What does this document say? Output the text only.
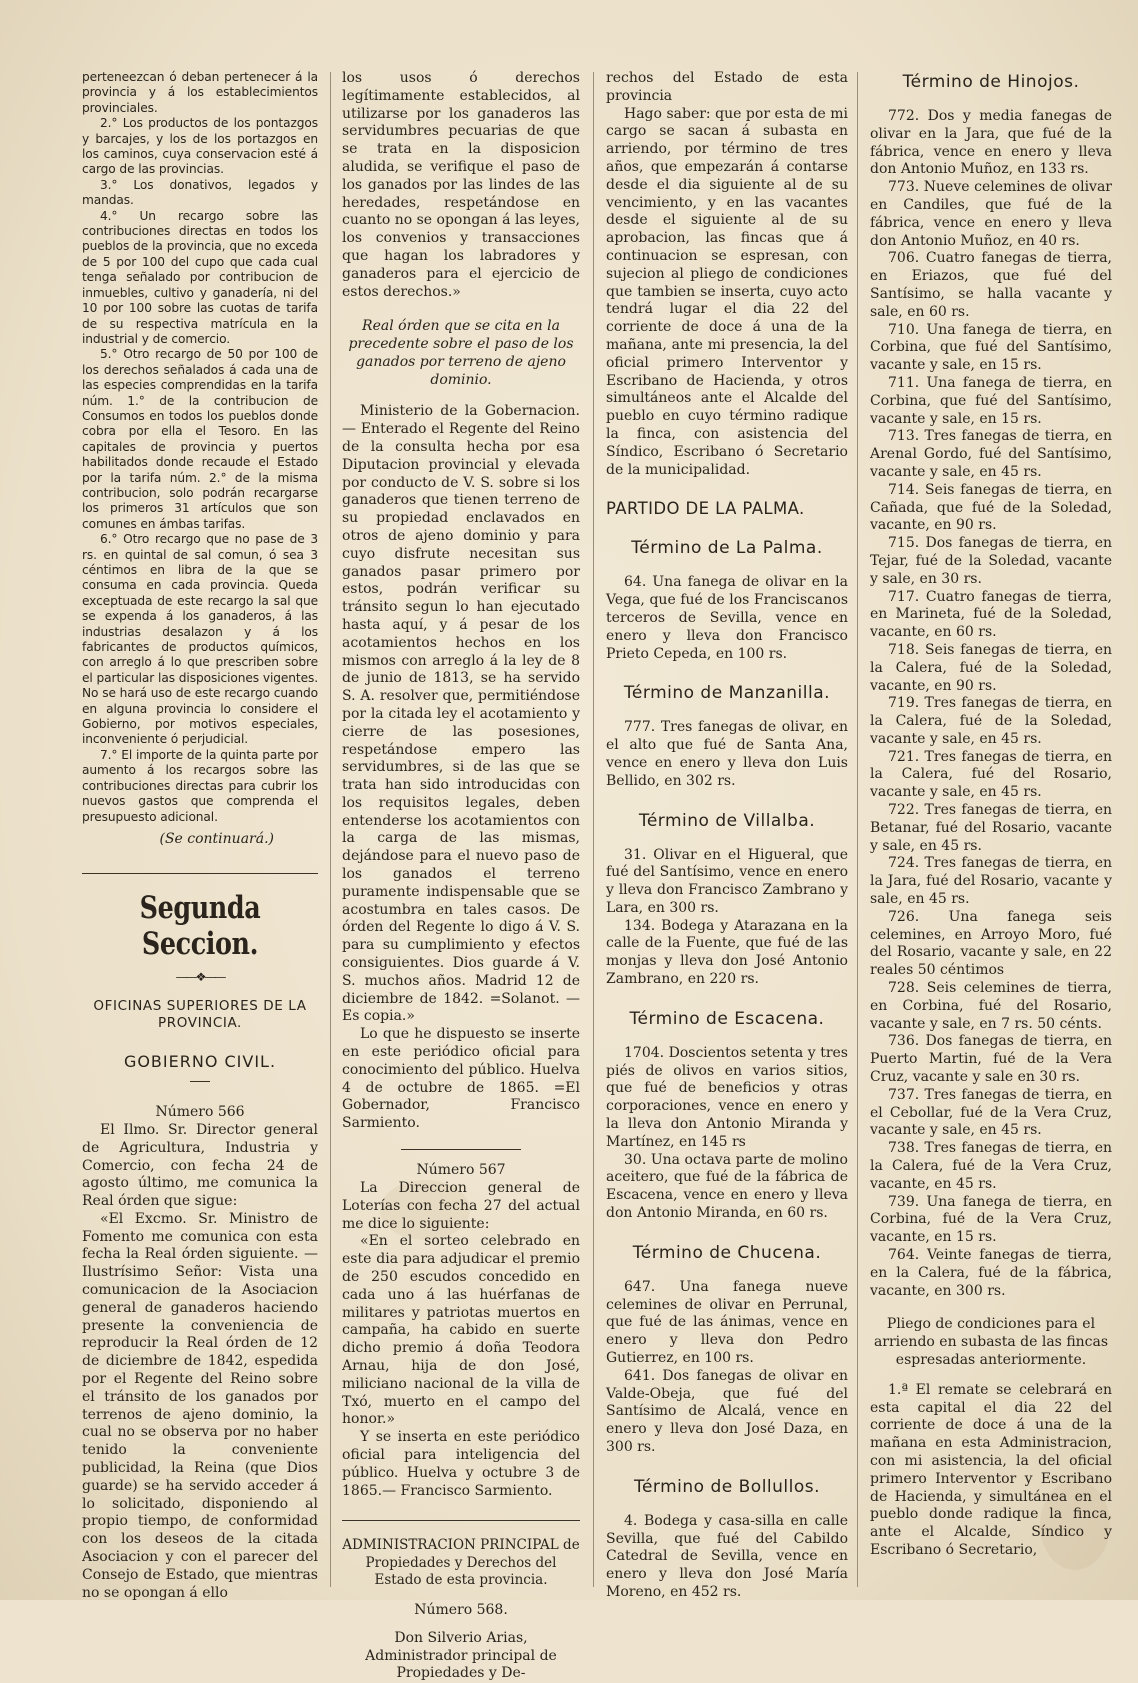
perteneezcan ó deban pertenecer á la provincia y á los establecimientos provinciales.

2.° Los productos de los pontazgos y barcajes, y los de los portazgos en los caminos, cuya conservacion esté á cargo de las provincias.

3.° Los donativos, legados y mandas.

4.° Un recargo sobre las contribuciones directas en todos los pueblos de la provincia, que no exceda de 5 por 100 del cupo que cada cual tenga señalado por contribucion de inmuebles, cultivo y ganadería, ni del 10 por 100 sobre las cuotas de tarifa de su respectiva matrícula en la industrial y de comercio.

5.° Otro recargo de 50 por 100 de los derechos señalados á cada una de las especies comprendidas en la tarifa núm. 1.° de la contribucion de Consumos en todos los pueblos donde cobra por ella el Tesoro. En las capitales de provincia y puertos habilitados donde recaude el Estado por la tarifa núm. 2.° de la misma contribucion, solo podrán recargarse los primeros 31 artículos que son comunes en ámbas tarifas.

6.° Otro recargo que no pase de 3 rs. en quintal de sal comun, ó sea 3 céntimos en libra de la que se consuma en cada provincia. Queda exceptuada de este recargo la sal que se expenda á los ganaderos, á las industrias desalazon y á los fabricantes de productos químicos, con arreglo á lo que prescriben sobre el particular las disposiciones vigentes. No se hará uso de este recargo cuando en alguna provincia lo considere el Gobierno, por motivos especiales, inconveniente ó perjudicial.

7.° El importe de la quinta parte por aumento á los recargos sobre las contribuciones directas para cubrir los nuevos gastos que comprenda el presupuesto adicional.

(Se continuará.)
Segunda Seccion.
——❖——
OFICINAS SUPERIORES DE LA PROVINCIA.
GOBIERNO CIVIL.
Número 566

El Ilmo. Sr. Director general de Agricultura, Industria y Comercio, con fecha 24 de agosto último, me comunica la Real órden que sigue:

«El Excmo. Sr. Ministro de Fomento me comunica con esta fecha la Real órden siguiente. —Ilustrísimo Señor: Vista una comunicacion de la Asociacion general de ganaderos haciendo presente la conveniencia de reproducir la Real órden de 12 de diciembre de 1842, espedida por el Regente del Reino sobre el tránsito de los ganados por terrenos de ajeno dominio, la cual no se observa por no haber tenido la conveniente publicidad, la Reina (que Dios guarde) se ha servido acceder á lo solicitado, disponiendo al propio tiempo, de conformidad con los deseos de la citada Asociacion y con el parecer del Consejo de Estado, que mientras no se opongan á ello

los usos ó derechos legítimamente establecidos, al utilizarse por los ganaderos las servidumbres pecuarias de que se trata en la disposicion aludida, se verifique el paso de los ganados por las lindes de las heredades, respetándose en cuanto no se opongan á las leyes, los convenios y transacciones que hagan los labradores y ganaderos para el ejercicio de estos derechos.»

Real órden que se cita en la precedente sobre el paso de los ganados por terreno de ajeno dominio.

Ministerio de la Gobernacion.— Enterado el Regente del Reino de la consulta hecha por esa Diputacion provincial y elevada por conducto de V. S. sobre si los ganaderos que tienen terreno de su propiedad enclavados en otros de ajeno dominio y para cuyo disfrute necesitan sus ganados pasar primero por estos, podrán verificar su tránsito segun lo han ejecutado hasta aquí, y á pesar de los acotamientos hechos en los mismos con arreglo á la ley de 8 de junio de 1813, se ha servido S. A. resolver que, permitiéndose por la citada ley el acotamiento y cierre de las posesiones, respetándose empero las servidumbres, si de las que se trata han sido introducidas con los requisitos legales, deben entenderse los acotamientos con la carga de las mismas, dejándose para el nuevo paso de los ganados el terreno puramente indispensable que se acostumbra en tales casos. De órden del Regente lo digo á V. S. para su cumplimiento y efectos consiguientes. Dios guarde á V. S. muchos años. Madrid 12 de diciembre de 1842. =Solanot. —Es copia.»

Lo que he dispuesto se inserte en este periódico oficial para conocimiento del público. Huelva 4 de octubre de 1865. =El Gobernador, Francisco Sarmiento.

Número 567

La Direccion general de Loterías con fecha 27 del actual me dice lo siguiente:

«En el sorteo celebrado en este dia para adjudicar el premio de 250 escudos concedido en cada uno á las huérfanas de militares y patriotas muertos en campaña, ha cabido en suerte dicho premio á doña Teodora Arnau, hija de don José, miliciano nacional de la villa de Txó, muerto en el campo del honor.»

Y se inserta en este periódico oficial para inteligencia del público. Huelva y octubre 3 de 1865.— Francisco Sarmiento.

ADMINISTRACION PRINCIPAL de Propiedades y Derechos del Estado de esta provincia.
Número 568.

Don Silverio Arias, Administrador principal de Propiedades y De-

rechos del Estado de esta provincia

Hago saber: que por esta de mi cargo se sacan á subasta en arriendo, por término de tres años, que empezarán á contarse desde el dia siguiente al de su vencimiento, y en las vacantes desde el siguiente al de su aprobacion, las fincas que á continuacion se espresan, con sujecion al pliego de condiciones que tambien se inserta, cuyo acto tendrá lugar el dia 22 del corriente de doce á una de la mañana, ante mi presencia, la del oficial primero Interventor y Escribano de Hacienda, y otros simultáneos ante el Alcalde del pueblo en cuyo término radique la finca, con asistencia del Síndico, Escribano ó Secretario de la municipalidad.

PARTIDO DE LA PALMA.
Término de La Palma.

64. Una fanega de olivar en la Vega, que fué de los Franciscanos terceros de Sevilla, vence en enero y lleva don Francisco Prieto Cepeda, en 100 rs.

Término de Manzanilla.

777. Tres fanegas de olivar, en el alto que fué de Santa Ana, vence en enero y lleva don Luis Bellido, en 302 rs.

Término de Villalba.

31. Olivar en el Higueral, que fué del Santísimo, vence en enero y lleva don Francisco Zambrano y Lara, en 300 rs.

134. Bodega y Atarazana en la calle de la Fuente, que fué de las monjas y lleva don José Antonio Zambrano, en 220 rs.

Término de Escacena.

1704. Doscientos setenta y tres piés de olivos en varios sitios, que fué de beneficios y otras corporaciones, vence en enero y la lleva don Antonio Miranda y Martínez, en 145 rs

30. Una octava parte de molino aceitero, que fué de la fábrica de Escacena, vence en enero y lleva don Antonio Miranda, en 60 rs.

Término de Chucena.

647. Una fanega nueve celemines de olivar en Perrunal, que fué de las ánimas, vence en enero y lleva don Pedro Gutierrez, en 100 rs.

641. Dos fanegas de olivar en Valde-Obeja, que fué del Santísimo de Alcalá, vence en enero y lleva don José Daza, en 300 rs.

Término de Bollullos.

4. Bodega y casa-silla en calle Sevilla, que fué del Cabildo Catedral de Sevilla, vence en enero y lleva don José María Moreno, en 452 rs.

Término de Hinojos.

772. Dos y media fanegas de olivar en la Jara, que fué de la fábrica, vence en enero y lleva don Antonio Muñoz, en 133 rs.

773. Nueve celemines de olivar en Candiles, que fué de la fábrica, vence en enero y lleva don Antonio Muñoz, en 40 rs.

706. Cuatro fanegas de tierra, en Eriazos, que fué del Santísimo, se halla vacante y sale, en 60 rs.

710. Una fanega de tierra, en Corbina, que fué del Santísimo, vacante y sale, en 15 rs.

711. Una fanega de tierra, en Corbina, que fué del Santísimo, vacante y sale, en 15 rs.

713. Tres fanegas de tierra, en Arenal Gordo, fué del Santísimo, vacante y sale, en 45 rs.

714. Seis fanegas de tierra, en Cañada, que fué de la Soledad, vacante, en 90 rs.

715. Dos fanegas de tierra, en Tejar, fué de la Soledad, vacante y sale, en 30 rs.

717. Cuatro fanegas de tierra, en Marineta, fué de la Soledad, vacante, en 60 rs.

718. Seis fanegas de tierra, en la Calera, fué de la Soledad, vacante, en 90 rs.

719. Tres fanegas de tierra, en la Calera, fué de la Soledad, vacante y sale, en 45 rs.

721. Tres fanegas de tierra, en la Calera, fué del Rosario, vacante y sale, en 45 rs.

722. Tres fanegas de tierra, en Betanar, fué del Rosario, vacante y sale, en 45 rs.

724. Tres fanegas de tierra, en la Jara, fué del Rosario, vacante y sale, en 45 rs.

726. Una fanega seis celemines, en Arroyo Moro, fué del Rosario, vacante y sale, en 22 reales 50 céntimos

728. Seis celemines de tierra, en Corbina, fué del Rosario, vacante y sale, en 7 rs. 50 cénts.

736. Dos fanegas de tierra, en Puerto Martin, fué de la Vera Cruz, vacante y sale en 30 rs.

737. Tres fanegas de tierra, en el Cebollar, fué de la Vera Cruz, vacante y sale, en 45 rs.

738. Tres fanegas de tierra, en la Calera, fué de la Vera Cruz, vacante, en 45 rs.

739. Una fanega de tierra, en Corbina, fué de la Vera Cruz, vacante, en 15 rs.

764. Veinte fanegas de tierra, en la Calera, fué de la fábrica, vacante, en 300 rs.

Pliego de condiciones para el arriendo en subasta de las fincas espresadas anteriormente.

1.ª El remate se celebrará en esta capital el dia 22 del corriente de doce á una de la mañana en esta Administracion, con mi asistencia, la del oficial primero Interventor y Escribano de Hacienda, y simultánea en el pueblo donde radique la finca, ante el Alcalde, Síndico y Escribano ó Secretario,
